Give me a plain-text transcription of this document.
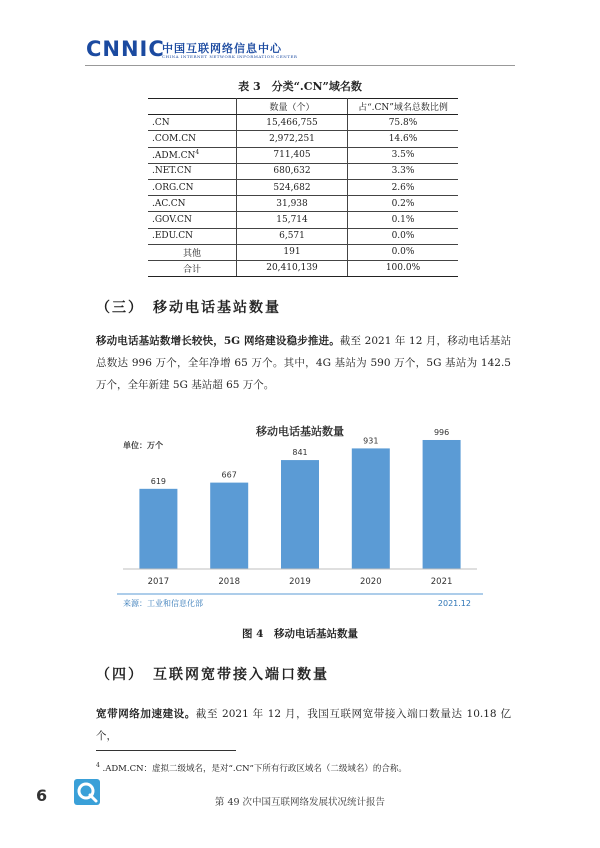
CNNIC
中国互联网络信息中心
CHINA INTERNET NETWORK INFORMATION CENTER
表 3　分类“.CN”域名数
	数量（个）	占“.CN”域名总数比例
.CN	15,466,755	75.8%
.COM.CN	2,972,251	14.6%
$.ADM.CN^4$	711,405	3.5%
.NET.CN	680,632	3.3%
.ORG.CN	524,682	2.6%
.AC.CN	31,938	0.2%
.GOV.CN	15,714	0.1%
.EDU.CN	6,571	0.0%
其他	191	0.0%
合计	20,410,139	100.0%
（三）　移动电话基站数量
移动电话基站数增长较快，5G 网络建设稳步推进。截至 2021 年 12 月，移动电话基站总数达 996 万个，全年净增 65 万个。其中，4G 基站为 590 万个，5G 基站为 142.5 万个，全年新建 5G 基站超 65 万个。
移动电话基站数量
单位：万个
619
667
841
931
996
2017	2018	2019	2020	2021
来源：工业和信息化部	2021.12
图 4　移动电话基站数量
（四）　互联网宽带接入端口数量
宽带网络加速建设。截至 2021 年 12 月，我国互联网宽带接入端口数量达 10.18 亿个，
$^4$ .ADM.CN：虚拟二级域名，是对“.CN”下所有行政区域名（二级域名）的合称。
6	第 49 次中国互联网络发展状况统计报告
